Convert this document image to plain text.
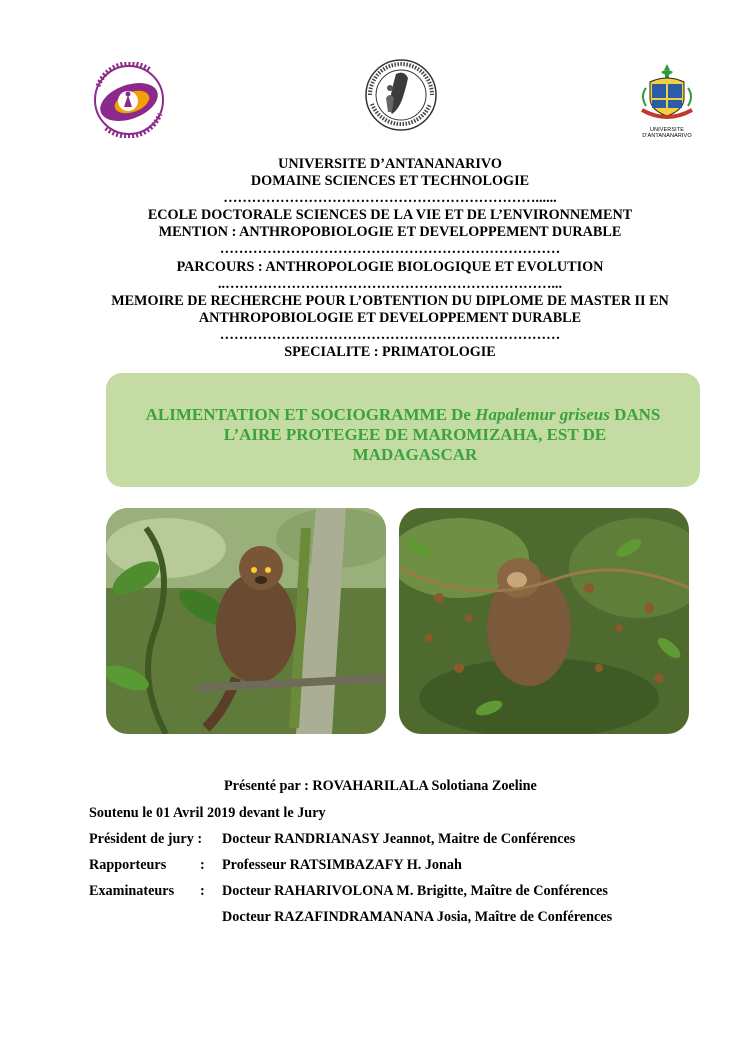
UNIVERSITE D'ANTANANARIVO
UNIVERSITE D’ANTANANARIVO
DOMAINE SCIENCES ET TECHNOLOGIE
…………………………………………………………......
ECOLE DOCTORALE SCIENCES DE LA VIE ET DE L’ENVIRONNEMENT
MENTION : ANTHROPOBIOLOGIE ET DEVELOPPEMENT DURABLE
………………………………………………………………
PARCOURS : ANTHROPOLOGIE BIOLOGIQUE ET EVOLUTION
..……………………………………………………………...
MEMOIRE DE RECHERCHE POUR L’OBTENTION DU DIPLOME DE MASTER II EN
ANTHROPOBIOLOGIE ET DEVELOPPEMENT DURABLE
………………………………………………………………
SPECIALITE : PRIMATOLOGIE
ALIMENTATION ET SOCIOGRAMME De Hapalemur griseus DANS
L’AIRE PROTEGEE DE MAROMIZAHA, EST DE
MADAGASCAR
Présenté par : ROVAHARILALA Solotiana Zoeline
Soutenu le 01 Avril 2019 devant le Jury
Président de jury : Docteur RANDRIANASY Jeannot, Maitre de Conférences
Rapporteurs : Professeur RATSIMBAZAFY H. Jonah
Examinateurs : Docteur RAHARIVOLONA M. Brigitte, Maître de Conférences
Docteur RAZAFINDRAMANANA Josia, Maître de Conférences
